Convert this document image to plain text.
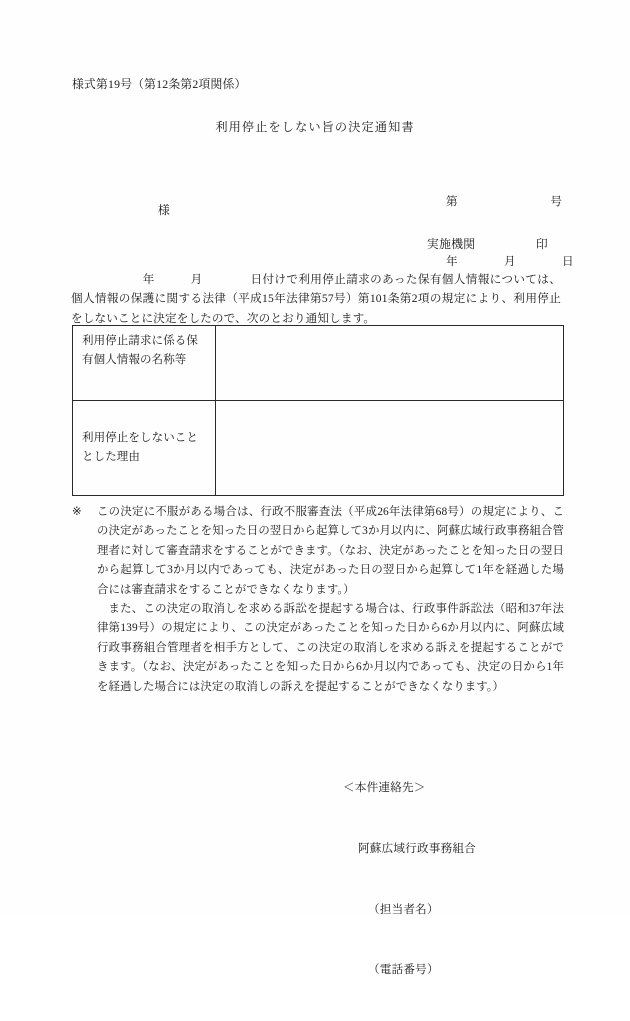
様式第19号（第12条第2項関係）
利用停止をしない旨の決定通知書

第　　　　　　　　号

年　　　　月　　　　日

様
実施機関　　　　　印
　　　　　　年　　　月　　　　日付けで利用停止請求のあった保有個人情報については、個人情報の保護に関する法律（平成15年法律第57号）第101条第2項の規定により、利用停止をしないことに決定をしたので、次のとおり通知します。
利用停止請求に係る保有個人情報の名称等	
利用停止をしないこととした理由	
※	この決定に不服がある場合は、行政不服審査法（平成26年法律第68号）の規定により、この決定があったことを知った日の翌日から起算して3か月以内に、阿蘇広域行政事務組合管理者に対して審査請求をすることができます。（なお、決定があったことを知った日の翌日から起算して3か月以内であっても、決定があった日の翌日から起算して1年を経過した場合には審査請求をすることができなくなります。）
また、この決定の取消しを求める訴訟を提起する場合は、行政事件訴訟法（昭和37年法律第139号）の規定により、この決定があったことを知った日から6か月以内に、阿蘇広域行政事務組合管理者を相手方として、この決定の取消しを求める訴えを提起することができます。（なお、決定があったことを知った日から6か月以内であっても、決定の日から1年を経過した場合には決定の取消しの訴えを提起することができなくなります。）

＜本件連絡先＞

阿蘇広域行政事務組合

（担当者名）

（電話番号）
